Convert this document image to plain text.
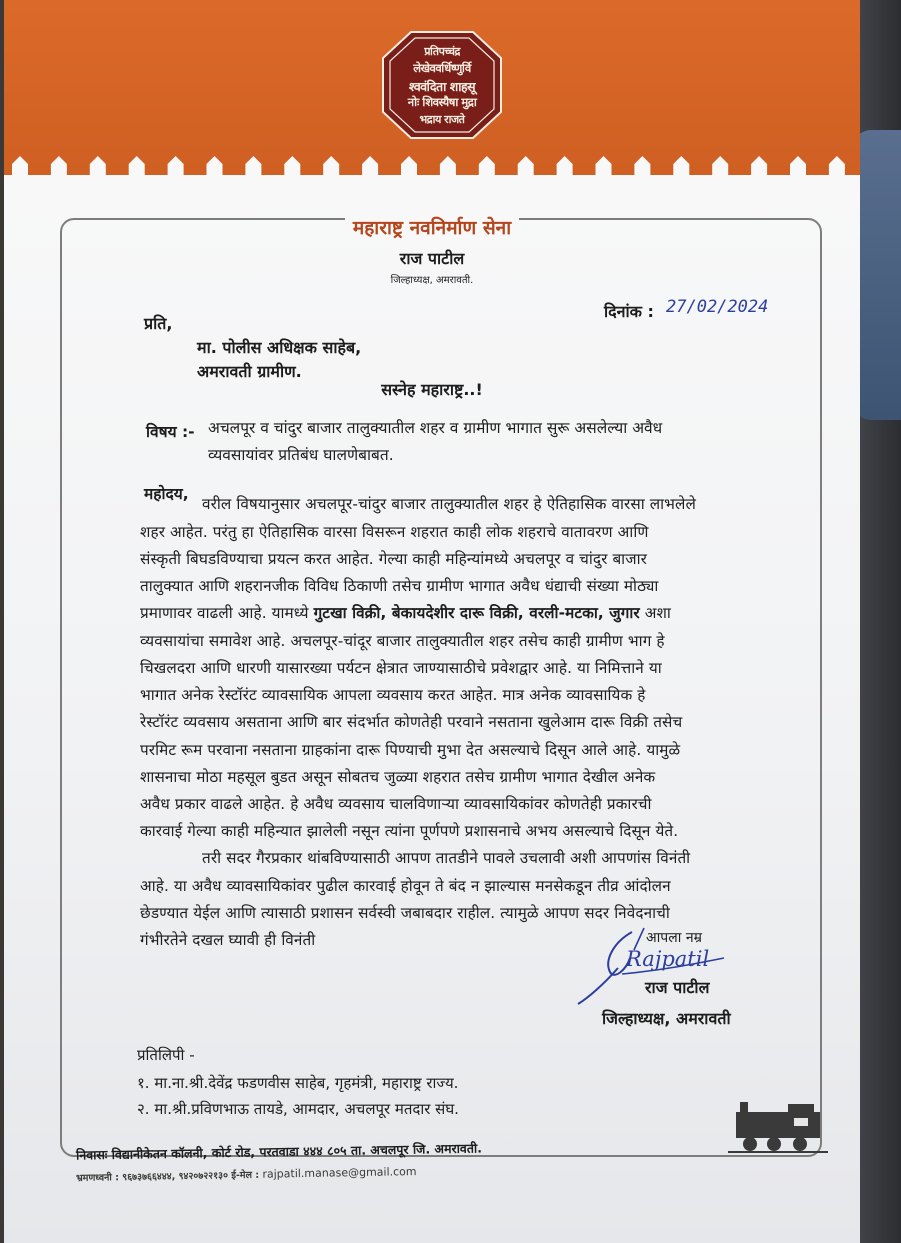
प्रतिपच्चंद्र
लेखेववर्धिष्णुर्वि
श्ववंदिता शाहसू
नोः शिवस्यैषा मुद्रा
भद्राय राजते
महाराष्ट्र नवनिर्माण सेना
राज पाटील
जिल्हाध्यक्ष, अमरावती.
दिनांक : 27/02/2024
प्रति,
मा. पोलीस अधिक्षक साहेब,
अमरावती ग्रामीण.
सस्नेह महाराष्ट्र..!
विषय :- अचलपूर व चांदुर बाजार तालुक्यातील शहर व ग्रामीण भागात सुरू असलेल्या अवैध
व्यवसायांवर प्रतिबंध घालणेबाबत.
महोदय,
वरील विषयानुसार अचलपूर-चांदुर बाजार तालुक्यातील शहर हे ऐतिहासिक वारसा लाभलेले
शहर आहेत. परंतु हा ऐतिहासिक वारसा विसरून शहरात काही लोक शहराचे वातावरण आणि
संस्कृती बिघडविण्याचा प्रयत्न करत आहेत. गेल्या काही महिन्यांमध्ये अचलपूर व चांदुर बाजार
तालुक्यात आणि शहरानजीक विविध ठिकाणी तसेच ग्रामीण भागात अवैध धंद्याची संख्या मोठ्या
प्रमाणावर वाढली आहे. यामध्ये गुटखा विक्री, बेकायदेशीर दारू विक्री, वरली-मटका, जुगार अशा
व्यवसायांचा समावेश आहे. अचलपूर-चांदूर बाजार तालुक्यातील शहर तसेच काही ग्रामीण भाग हे
चिखलदरा आणि धारणी यासारख्या पर्यटन क्षेत्रात जाण्यासाठीचे प्रवेशद्वार आहे. या निमित्ताने या
भागात अनेक रेस्टॉरंट व्यावसायिक आपला व्यवसाय करत आहेत. मात्र अनेक व्यावसायिक हे
रेस्टॉरंट व्यवसाय असताना आणि बार संदर्भात कोणतेही परवाने नसताना खुलेआम दारू विक्री तसेच
परमिट रूम परवाना नसताना ग्राहकांना दारू पिण्याची मुभा देत असल्याचे दिसून आले आहे. यामुळे
शासनाचा मोठा महसूल बुडत असून सोबतच जुळ्या शहरात तसेच ग्रामीण भागात देखील अनेक
अवैध प्रकार वाढले आहेत. हे अवैध व्यवसाय चालविणाऱ्या व्यावसायिकांवर कोणतेही प्रकारची
कारवाई गेल्या काही महिन्यात झालेली नसून त्यांना पूर्णपणे प्रशासनाचे अभय असल्याचे दिसून येते.
तरी सदर गैरप्रकार थांबविण्यासाठी आपण तातडीने पावले उचलावी अशी आपणांस विनंती
आहे. या अवैध व्यावसायिकांवर पुढील कारवाई होवून ते बंद न झाल्यास मनसेकडून तीव्र आंदोलन
छेडण्यात येईल आणि त्यासाठी प्रशासन सर्वस्वी जबाबदार राहील. त्यामुळे आपण सदर निवेदनाची
गंभीरतेने दखल घ्यावी ही विनंती	आपला नम्र
Rajpatil
राज पाटील
जिल्हाध्यक्ष, अमरावती
प्रतिलिपी -
१. मा.ना.श्री.देवेंद्र फडणवीस साहेब, गृहमंत्री, महाराष्ट्र राज्य.
२. मा.श्री.प्रविणभाऊ तायडे, आमदार, अचलपूर मतदार संघ.
निवासः विद्यानीकेतन कॉलनी, कोर्ट रोड, परतवाडा ४४४ ८०५ ता. अचलपूर जि. अमरावती.
भ्रमणध्वनी : ९६७३७६६४४४, ९४२०७२२१३० ई-मेल : rajpatil.manase@gmail.com
